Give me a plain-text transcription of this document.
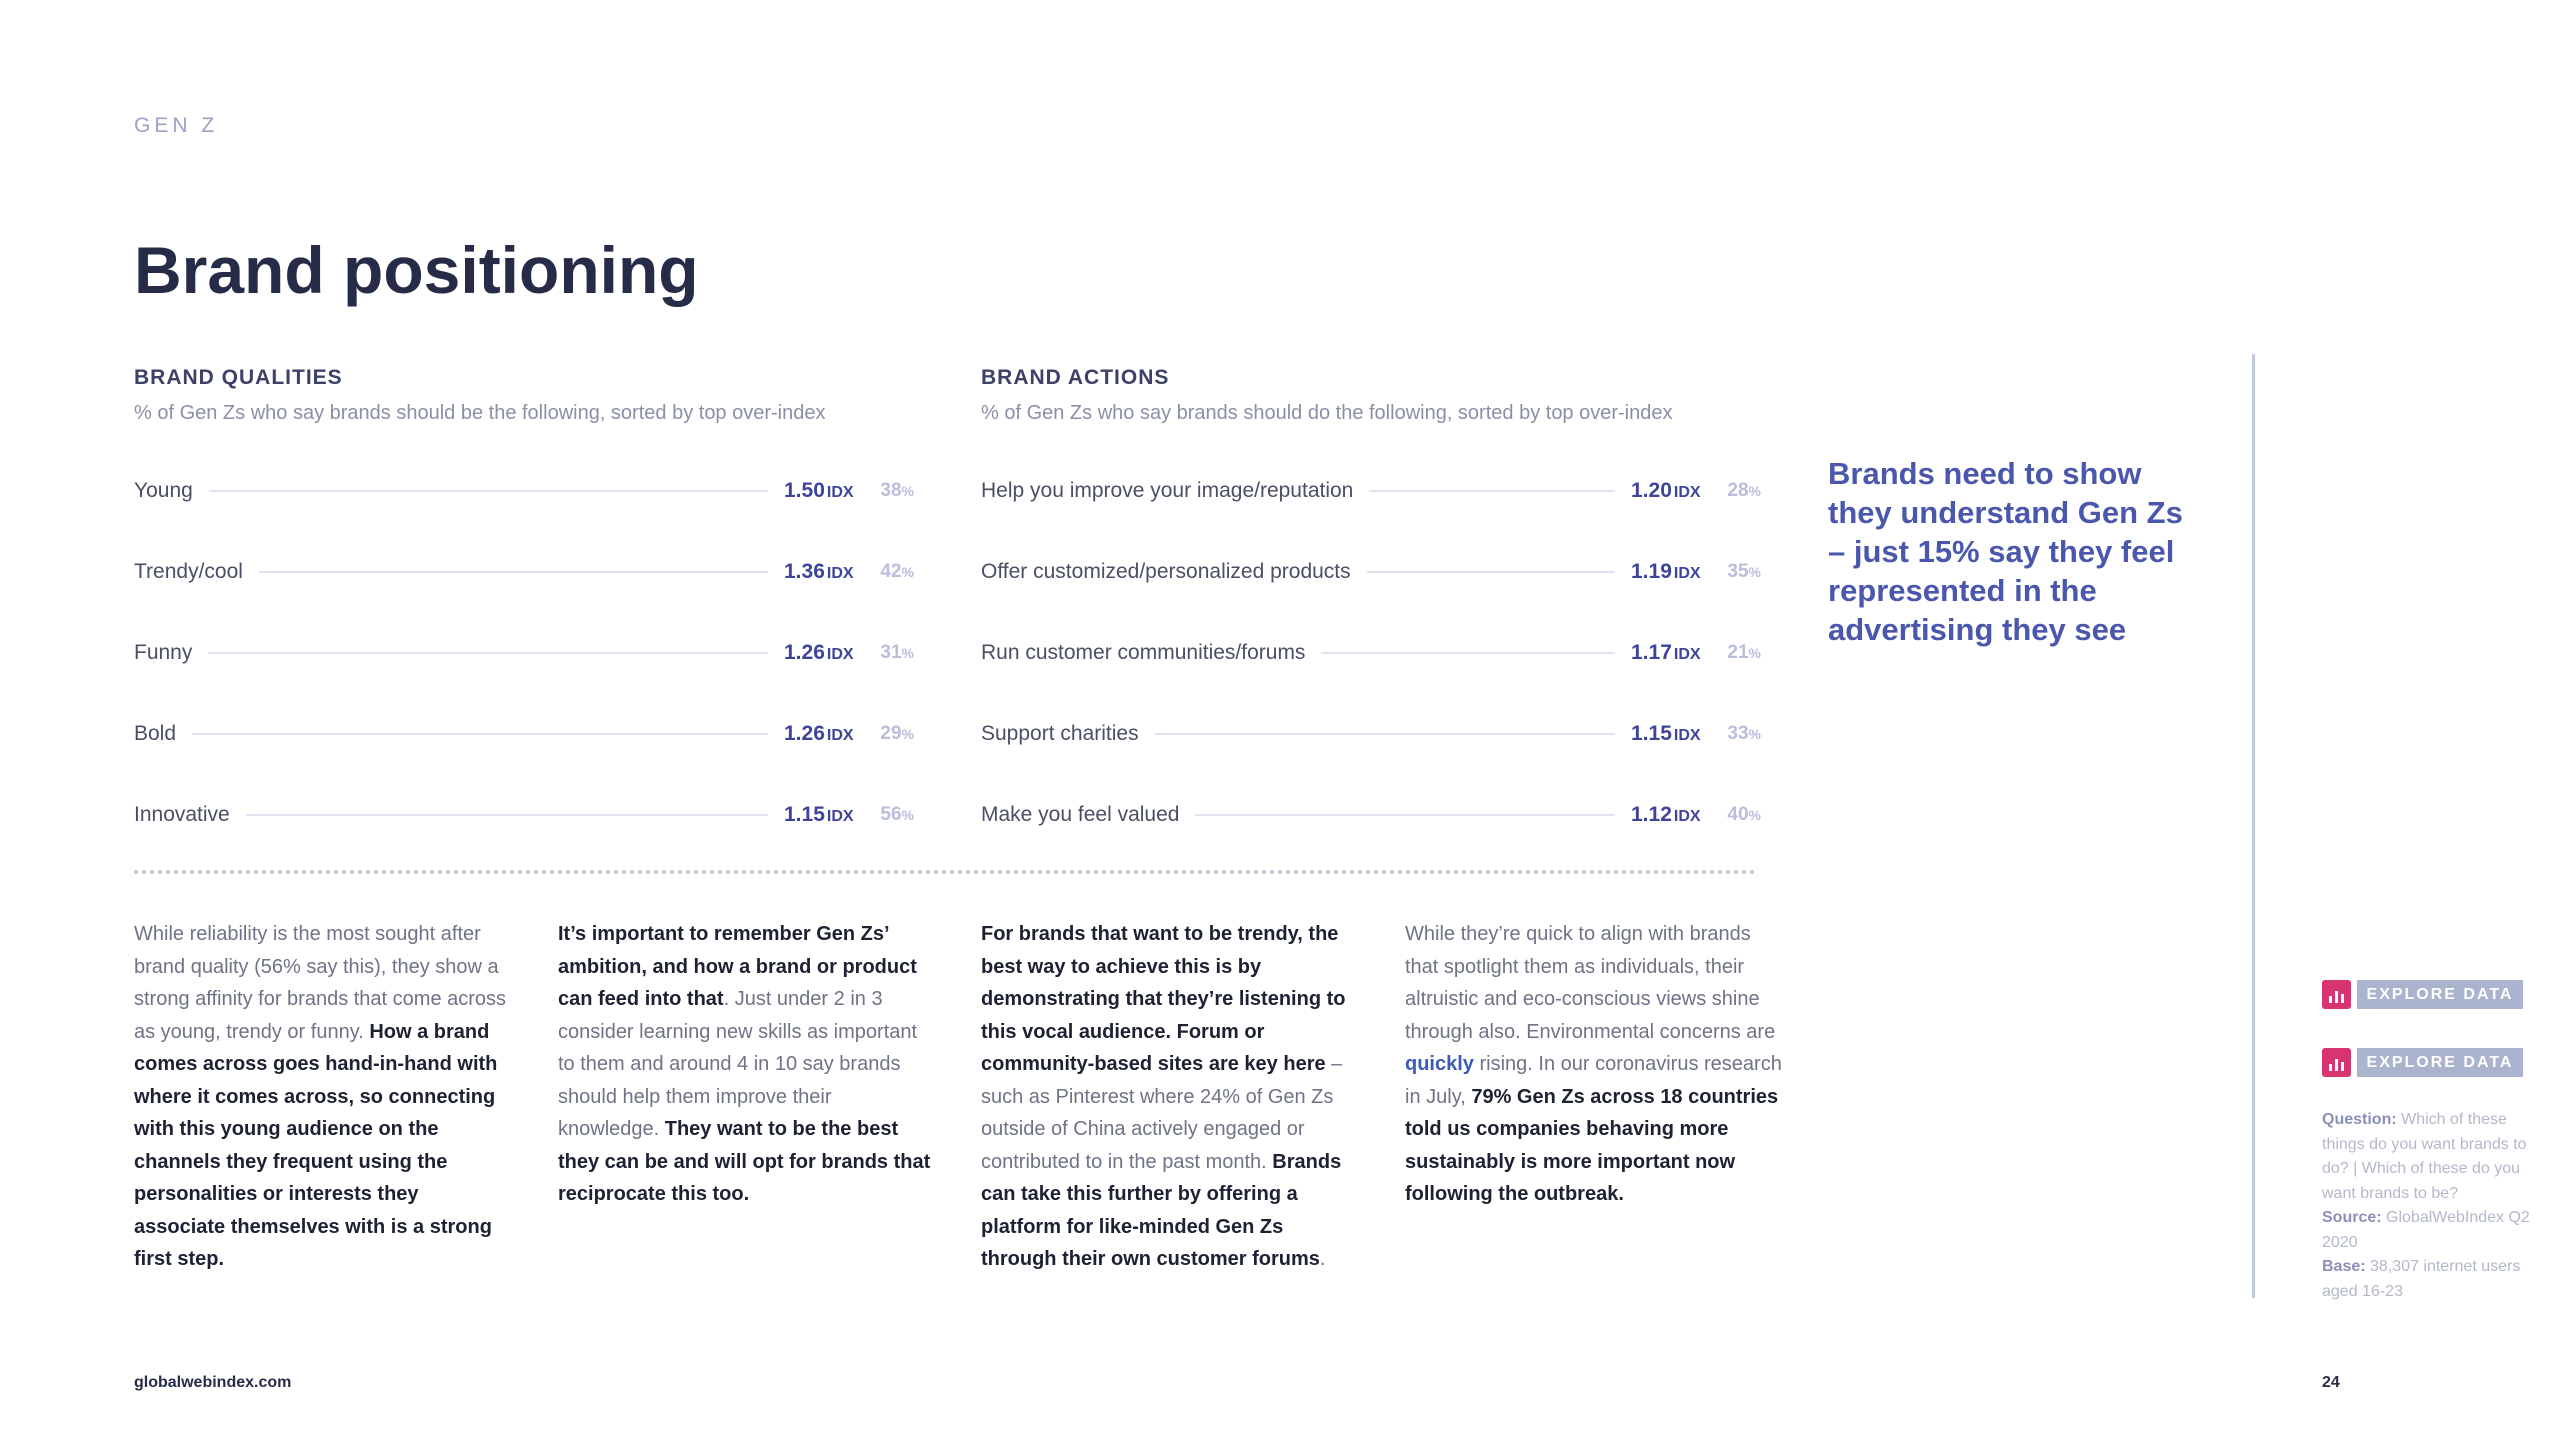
GEN Z
Brand positioning
BRAND QUALITIES
% of Gen Zs who say brands should be the following, sorted by top over-index
Young	1.50 IDX	38%
Trendy/cool	1.36 IDX	42%
Funny	1.26 IDX	31%
Bold	1.26 IDX	29%
Innovative	1.15 IDX	56%
BRAND ACTIONS
% of Gen Zs who say brands should do the following, sorted by top over-index
Help you improve your image/reputation	1.20 IDX	28%
Offer customized/personalized products	1.19 IDX	35%
Run customer communities/forums	1.17 IDX	21%
Support charities	1.15 IDX	33%
Make you feel valued	1.12 IDX	40%
While reliability is the most sought after brand quality (56% say this), they show a strong affinity for brands that come across as young, trendy or funny. How a brand comes across goes hand-in-hand with where it comes across, so connecting with this young audience on the channels they frequent using the personalities or interests they associate themselves with is a strong first step.
It’s important to remember Gen Zs’ ambition, and how a brand or product can feed into that. Just under 2 in 3 consider learning new skills as important to them and around 4 in 10 say brands should help them improve their knowledge. They want to be the best they can be and will opt for brands that reciprocate this too.
For brands that want to be trendy, the best way to achieve this is by demonstrating that they’re listening to this vocal audience. Forum or community-based sites are key here – such as Pinterest where 24% of Gen Zs outside of China actively engaged or contributed to in the past month. Brands can take this further by offering a platform for like-minded Gen Zs through their own customer forums.
While they’re quick to align with brands that spotlight them as individuals, their altruistic and eco-conscious views shine through also. Environmental concerns are quickly rising. In our coronavirus research in July, 79% Gen Zs across 18 countries told us companies behaving more sustainably is more important now following the outbreak.
Brands need to show they understand Gen Zs – just 15% say they feel represented in the advertising they see
EXPLORE DATA
EXPLORE DATA
Question: Which of these things do you want brands to do? | Which of these do you want brands to be?
Source: GlobalWebIndex Q2 2020
Base: 38,307 internet users aged 16-23
globalwebindex.com	24
